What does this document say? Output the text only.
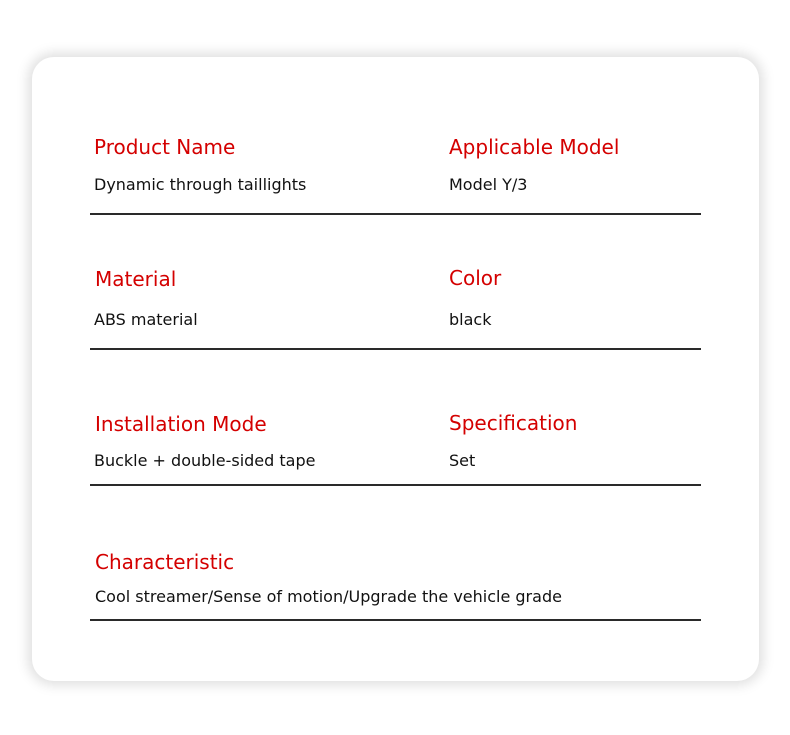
Product Name
Dynamic through taillights
Applicable Model
Model Y/3
Material
ABS material
Color
black
Installation Mode
Buckle + double-sided tape
Specification
Set
Characteristic
Cool streamer/Sense of motion/Upgrade the vehicle grade
